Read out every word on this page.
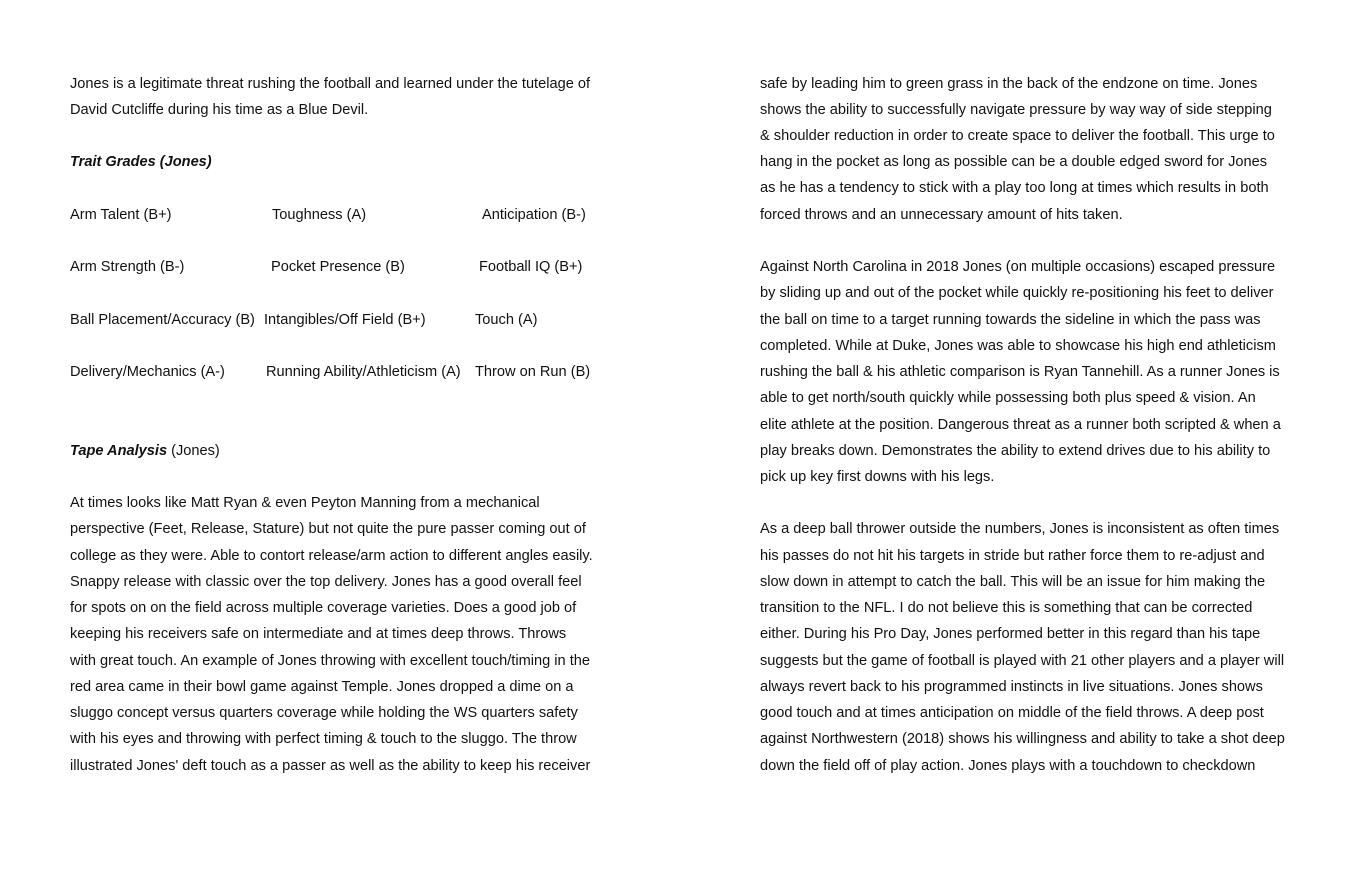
Jones is a legitimate threat rushing the football and learned under the tutelage of
David Cutcliffe during his time as a Blue Devil.
Trait Grades (Jones)
Arm Talent (B+)	Toughness (A)	Anticipation (B-)
Arm Strength (B-)	Pocket Presence (B)	Football IQ (B+)
Ball Placement/Accuracy (B) Intangibles/Off Field (B+)	Touch (A)
Delivery/Mechanics (A-)	Running Ability/Athleticism (A) Throw on Run (B)
Tape Analysis (Jones)
At times looks like Matt Ryan & even Peyton Manning from a mechanical
perspective (Feet, Release, Stature) but not quite the pure passer coming out of
college as they were. Able to contort release/arm action to different angles easily.
Snappy release with classic over the top delivery. Jones has a good overall feel
for spots on on the field across multiple coverage varieties. Does a good job of
keeping his receivers safe on intermediate and at times deep throws. Throws
with great touch. An example of Jones throwing with excellent touch/timing in the
red area came in their bowl game against Temple. Jones dropped a dime on a
sluggo concept versus quarters coverage while holding the WS quarters safety
with his eyes and throwing with perfect timing & touch to the sluggo. The throw
illustrated Jones' deft touch as a passer as well as the ability to keep his receiver
safe by leading him to green grass in the back of the endzone on time. Jones
shows the ability to successfully navigate pressure by way way of side stepping
& shoulder reduction in order to create space to deliver the football. This urge to
hang in the pocket as long as possible can be a double edged sword for Jones
as he has a tendency to stick with a play too long at times which results in both
forced throws and an unnecessary amount of hits taken.
Against North Carolina in 2018 Jones (on multiple occasions) escaped pressure
by sliding up and out of the pocket while quickly re-positioning his feet to deliver
the ball on time to a target running towards the sideline in which the pass was
completed. While at Duke, Jones was able to showcase his high end athleticism
rushing the ball & his athletic comparison is Ryan Tannehill. As a runner Jones is
able to get north/south quickly while possessing both plus speed & vision. An
elite athlete at the position. Dangerous threat as a runner both scripted & when a
play breaks down. Demonstrates the ability to extend drives due to his ability to
pick up key first downs with his legs.
As a deep ball thrower outside the numbers, Jones is inconsistent as often times
his passes do not hit his targets in stride but rather force them to re-adjust and
slow down in attempt to catch the ball. This will be an issue for him making the
transition to the NFL. I do not believe this is something that can be corrected
either. During his Pro Day, Jones performed better in this regard than his tape
suggests but the game of football is played with 21 other players and a player will
always revert back to his programmed instincts in live situations. Jones shows
good touch and at times anticipation on middle of the field throws. A deep post
against Northwestern (2018) shows his willingness and ability to take a shot deep
down the field off of play action. Jones plays with a touchdown to checkdown
